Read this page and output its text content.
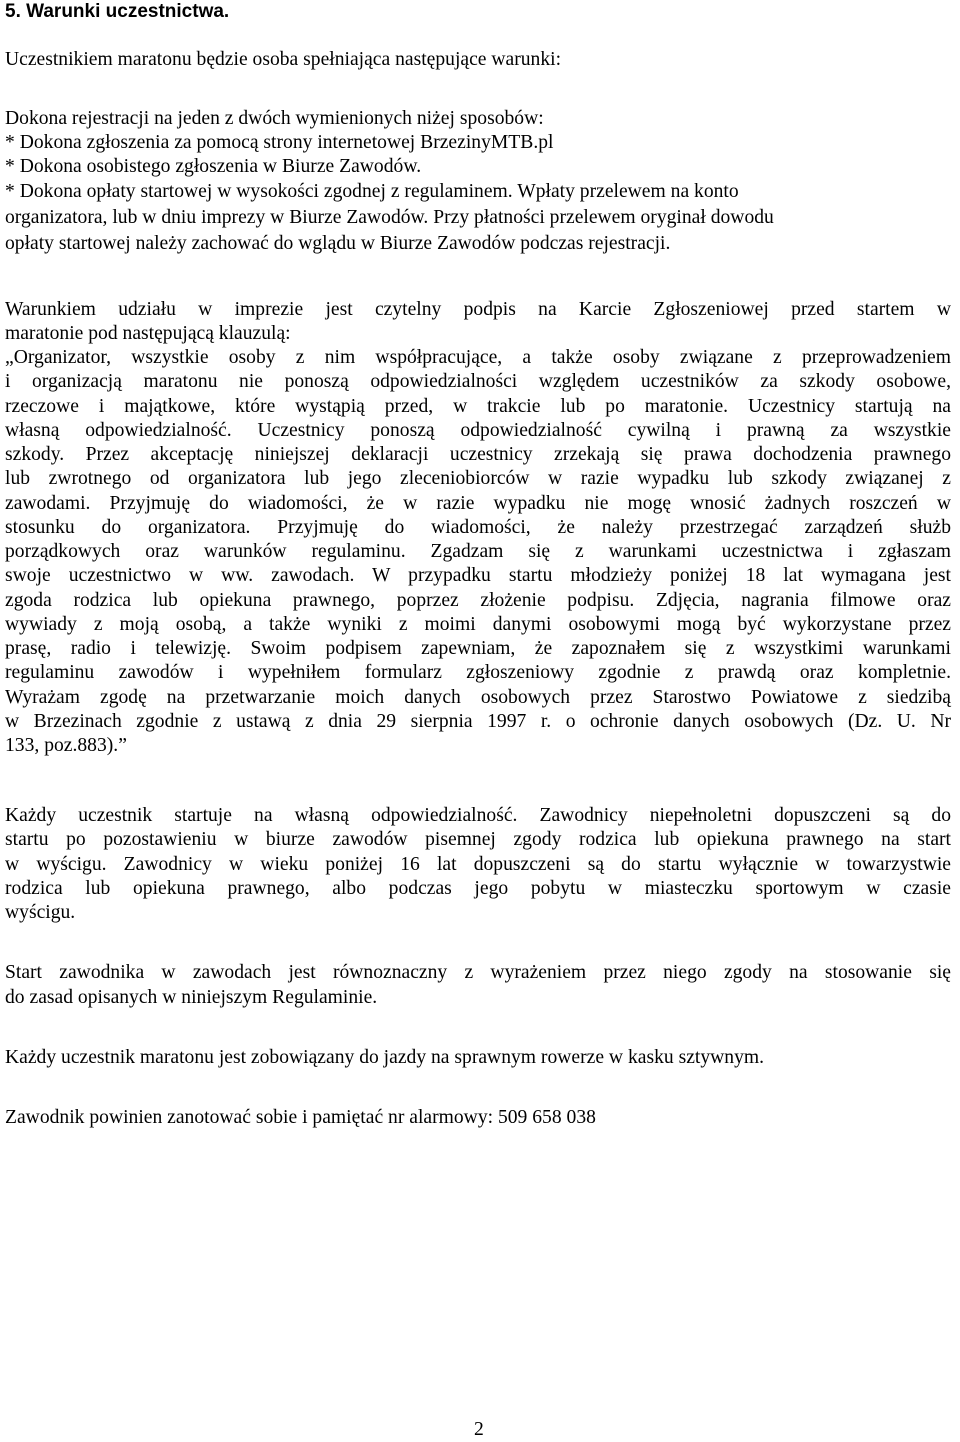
5. Warunki uczestnictwa.
Uczestnikiem maratonu będzie osoba spełniająca następujące warunki:
Dokona rejestracji na jeden z dwóch wymienionych niżej sposobów:
* Dokona zgłoszenia za pomocą strony internetowej BrzezinyMTB.pl
* Dokona osobistego zgłoszenia w Biurze Zawodów.
* Dokona opłaty startowej w wysokości zgodnej z regulaminem. Wpłaty przelewem na konto
organizatora, lub w dniu imprezy w Biurze Zawodów. Przy płatności przelewem oryginał dowodu
opłaty startowej należy zachować do wglądu w Biurze Zawodów podczas rejestracji.
Warunkiem udziału w imprezie jest czytelny podpis na Karcie Zgłoszeniowej przed startem w
maratonie pod następującą klauzulą:
„Organizator, wszystkie osoby z nim współpracujące, a także osoby związane z przeprowadzeniem
i organizacją maratonu nie ponoszą odpowiedzialności względem uczestników za szkody osobowe,
rzeczowe i majątkowe, które wystąpią przed, w trakcie lub po maratonie. Uczestnicy startują na
własną odpowiedzialność. Uczestnicy ponoszą odpowiedzialność cywilną i prawną za wszystkie
szkody. Przez akceptację niniejszej deklaracji uczestnicy zrzekają się prawa dochodzenia prawnego
lub zwrotnego od organizatora lub jego zleceniobiorców w razie wypadku lub szkody związanej z
zawodami. Przyjmuję do wiadomości, że w razie wypadku nie mogę wnosić żadnych roszczeń w
stosunku do organizatora. Przyjmuję do wiadomości, że należy przestrzegać zarządzeń służb
porządkowych oraz warunków regulaminu. Zgadzam się z warunkami uczestnictwa i zgłaszam
swoje uczestnictwo w ww. zawodach. W przypadku startu młodzieży poniżej 18 lat wymagana jest
zgoda rodzica lub opiekuna prawnego, poprzez złożenie podpisu. Zdjęcia, nagrania filmowe oraz
wywiady z moją osobą, a także wyniki z moimi danymi osobowymi mogą być wykorzystane przez
prasę, radio i telewizję. Swoim podpisem zapewniam, że zapoznałem się z wszystkimi warunkami
regulaminu zawodów i wypełniłem formularz zgłoszeniowy zgodnie z prawdą oraz kompletnie.
Wyrażam zgodę na przetwarzanie moich danych osobowych przez Starostwo Powiatowe z siedzibą
w Brzezinach zgodnie z ustawą z dnia 29 sierpnia 1997 r. o ochronie danych osobowych (Dz. U. Nr
133, poz.883).”
Każdy uczestnik startuje na własną odpowiedzialność. Zawodnicy niepełnoletni dopuszczeni są do
startu po pozostawieniu w biurze zawodów pisemnej zgody rodzica lub opiekuna prawnego na start
w wyścigu. Zawodnicy w wieku poniżej 16 lat dopuszczeni są do startu wyłącznie w towarzystwie
rodzica lub opiekuna prawnego, albo podczas jego pobytu w miasteczku sportowym w czasie
wyścigu.
Start zawodnika w zawodach jest równoznaczny z wyrażeniem przez niego zgody na stosowanie się
do zasad opisanych w niniejszym Regulaminie.
Każdy uczestnik maratonu jest zobowiązany do jazdy na sprawnym rowerze w kasku sztywnym.
Zawodnik powinien zanotować sobie i pamiętać nr alarmowy: 509 658 038
2
